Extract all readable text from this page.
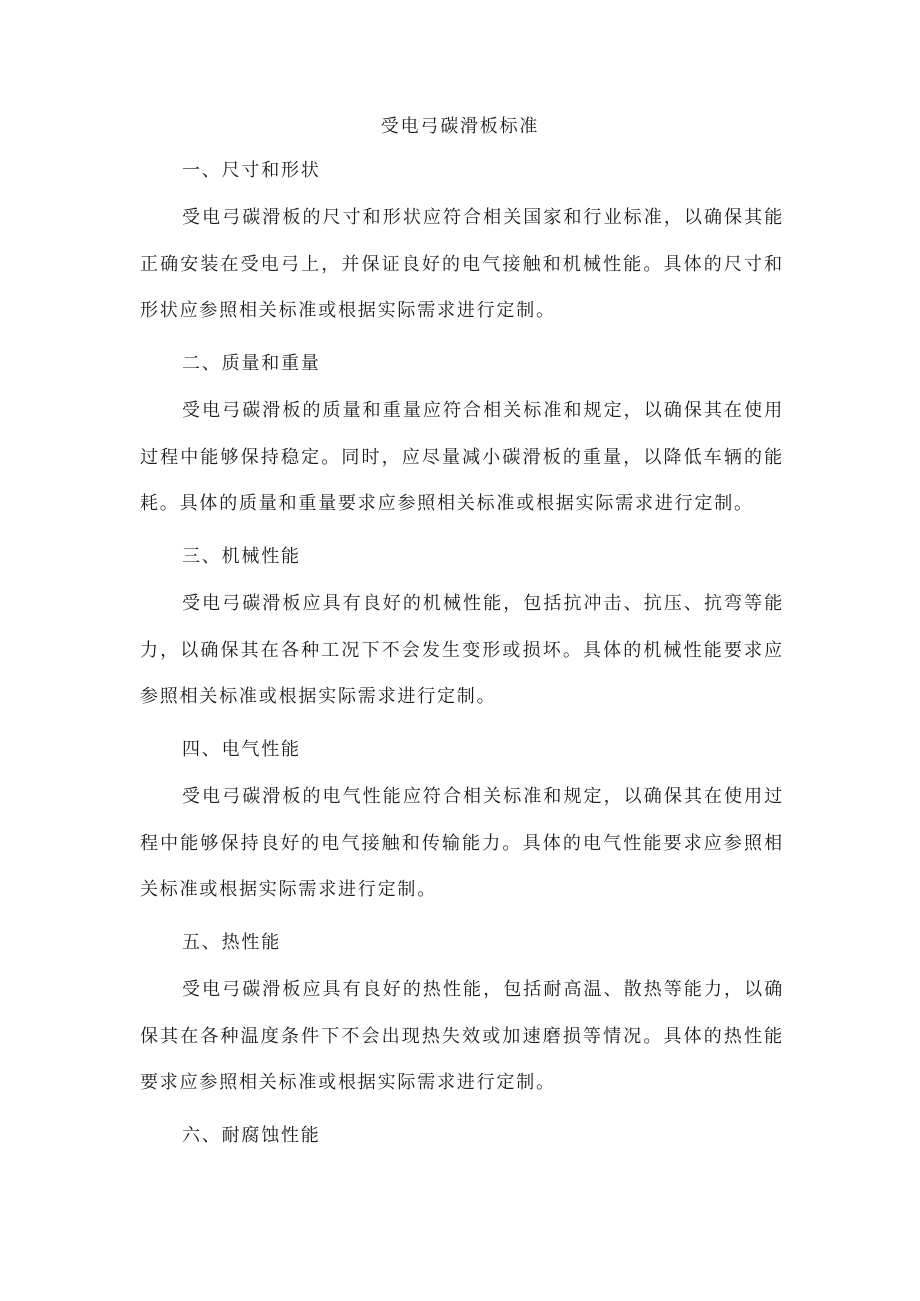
受电弓碳滑板标准
一、尺寸和形状

受电弓碳滑板的尺寸和形状应符合相关国家和行业标准，以确保其能正确安装在受电弓上，并保证良好的电气接触和机械性能。具体的尺寸和形状应参照相关标准或根据实际需求进行定制。

二、质量和重量

受电弓碳滑板的质量和重量应符合相关标准和规定，以确保其在使用过程中能够保持稳定。同时，应尽量减小碳滑板的重量，以降低车辆的能耗。具体的质量和重量要求应参照相关标准或根据实际需求进行定制。

三、机械性能

受电弓碳滑板应具有良好的机械性能，包括抗冲击、抗压、抗弯等能力，以确保其在各种工况下不会发生变形或损坏。具体的机械性能要求应参照相关标准或根据实际需求进行定制。

四、电气性能

受电弓碳滑板的电气性能应符合相关标准和规定，以确保其在使用过程中能够保持良好的电气接触和传输能力。具体的电气性能要求应参照相关标准或根据实际需求进行定制。

五、热性能

受电弓碳滑板应具有良好的热性能，包括耐高温、散热等能力，以确保其在各种温度条件下不会出现热失效或加速磨损等情况。具体的热性能要求应参照相关标准或根据实际需求进行定制。

六、耐腐蚀性能
